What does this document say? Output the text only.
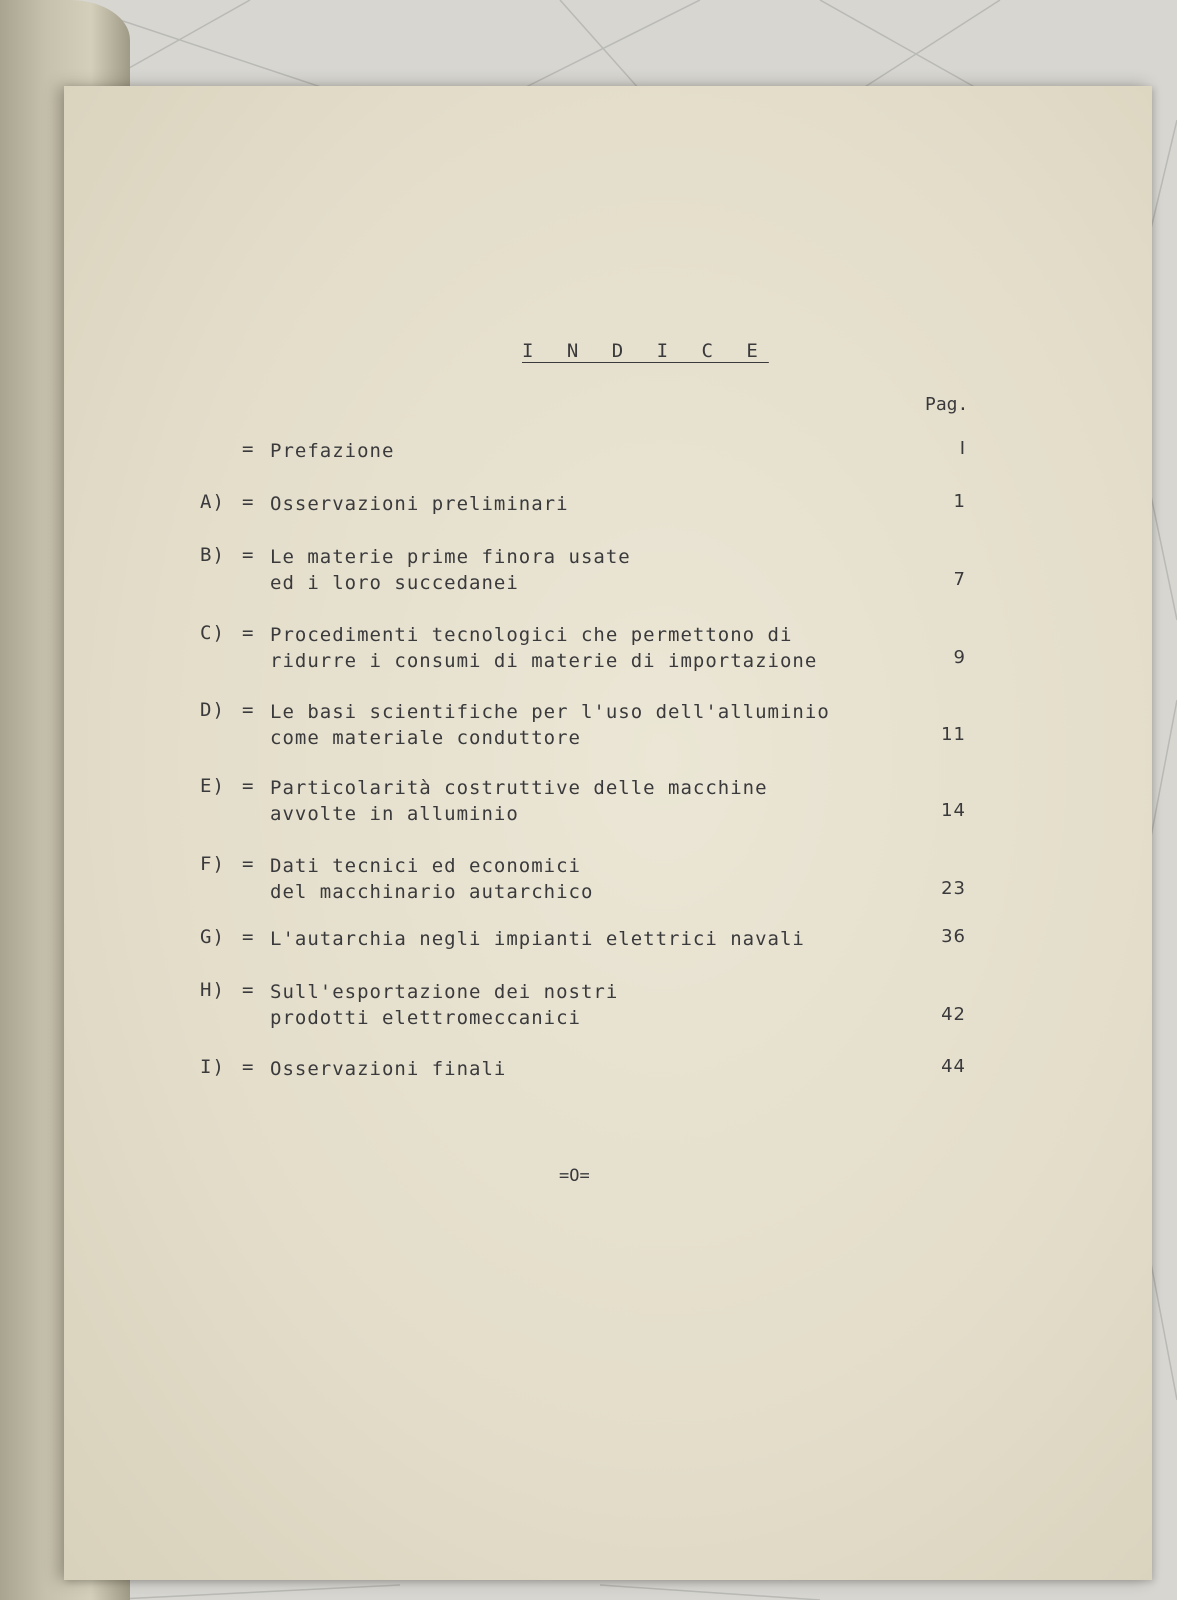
I N D I C E
Pag.
= Prefazione	I
A) = Osservazioni preliminari	1
B) = Le materie prime finora usate
ed i loro succedanei	7
C) = Procedimenti tecnologici che permettono di
ridurre i consumi di materie di importazione	9
D) = Le basi scientifiche per l'uso dell'alluminio
come materiale conduttore	11
E) = Particolarità costruttive delle macchine
avvolte in alluminio	14
F) = Dati tecnici ed economici
del macchinario autarchico	23
G) = L'autarchia negli impianti elettrici navali	36
H) = Sull'esportazione dei nostri
prodotti elettromeccanici	42
I) = Osservazioni finali	44
=O=
